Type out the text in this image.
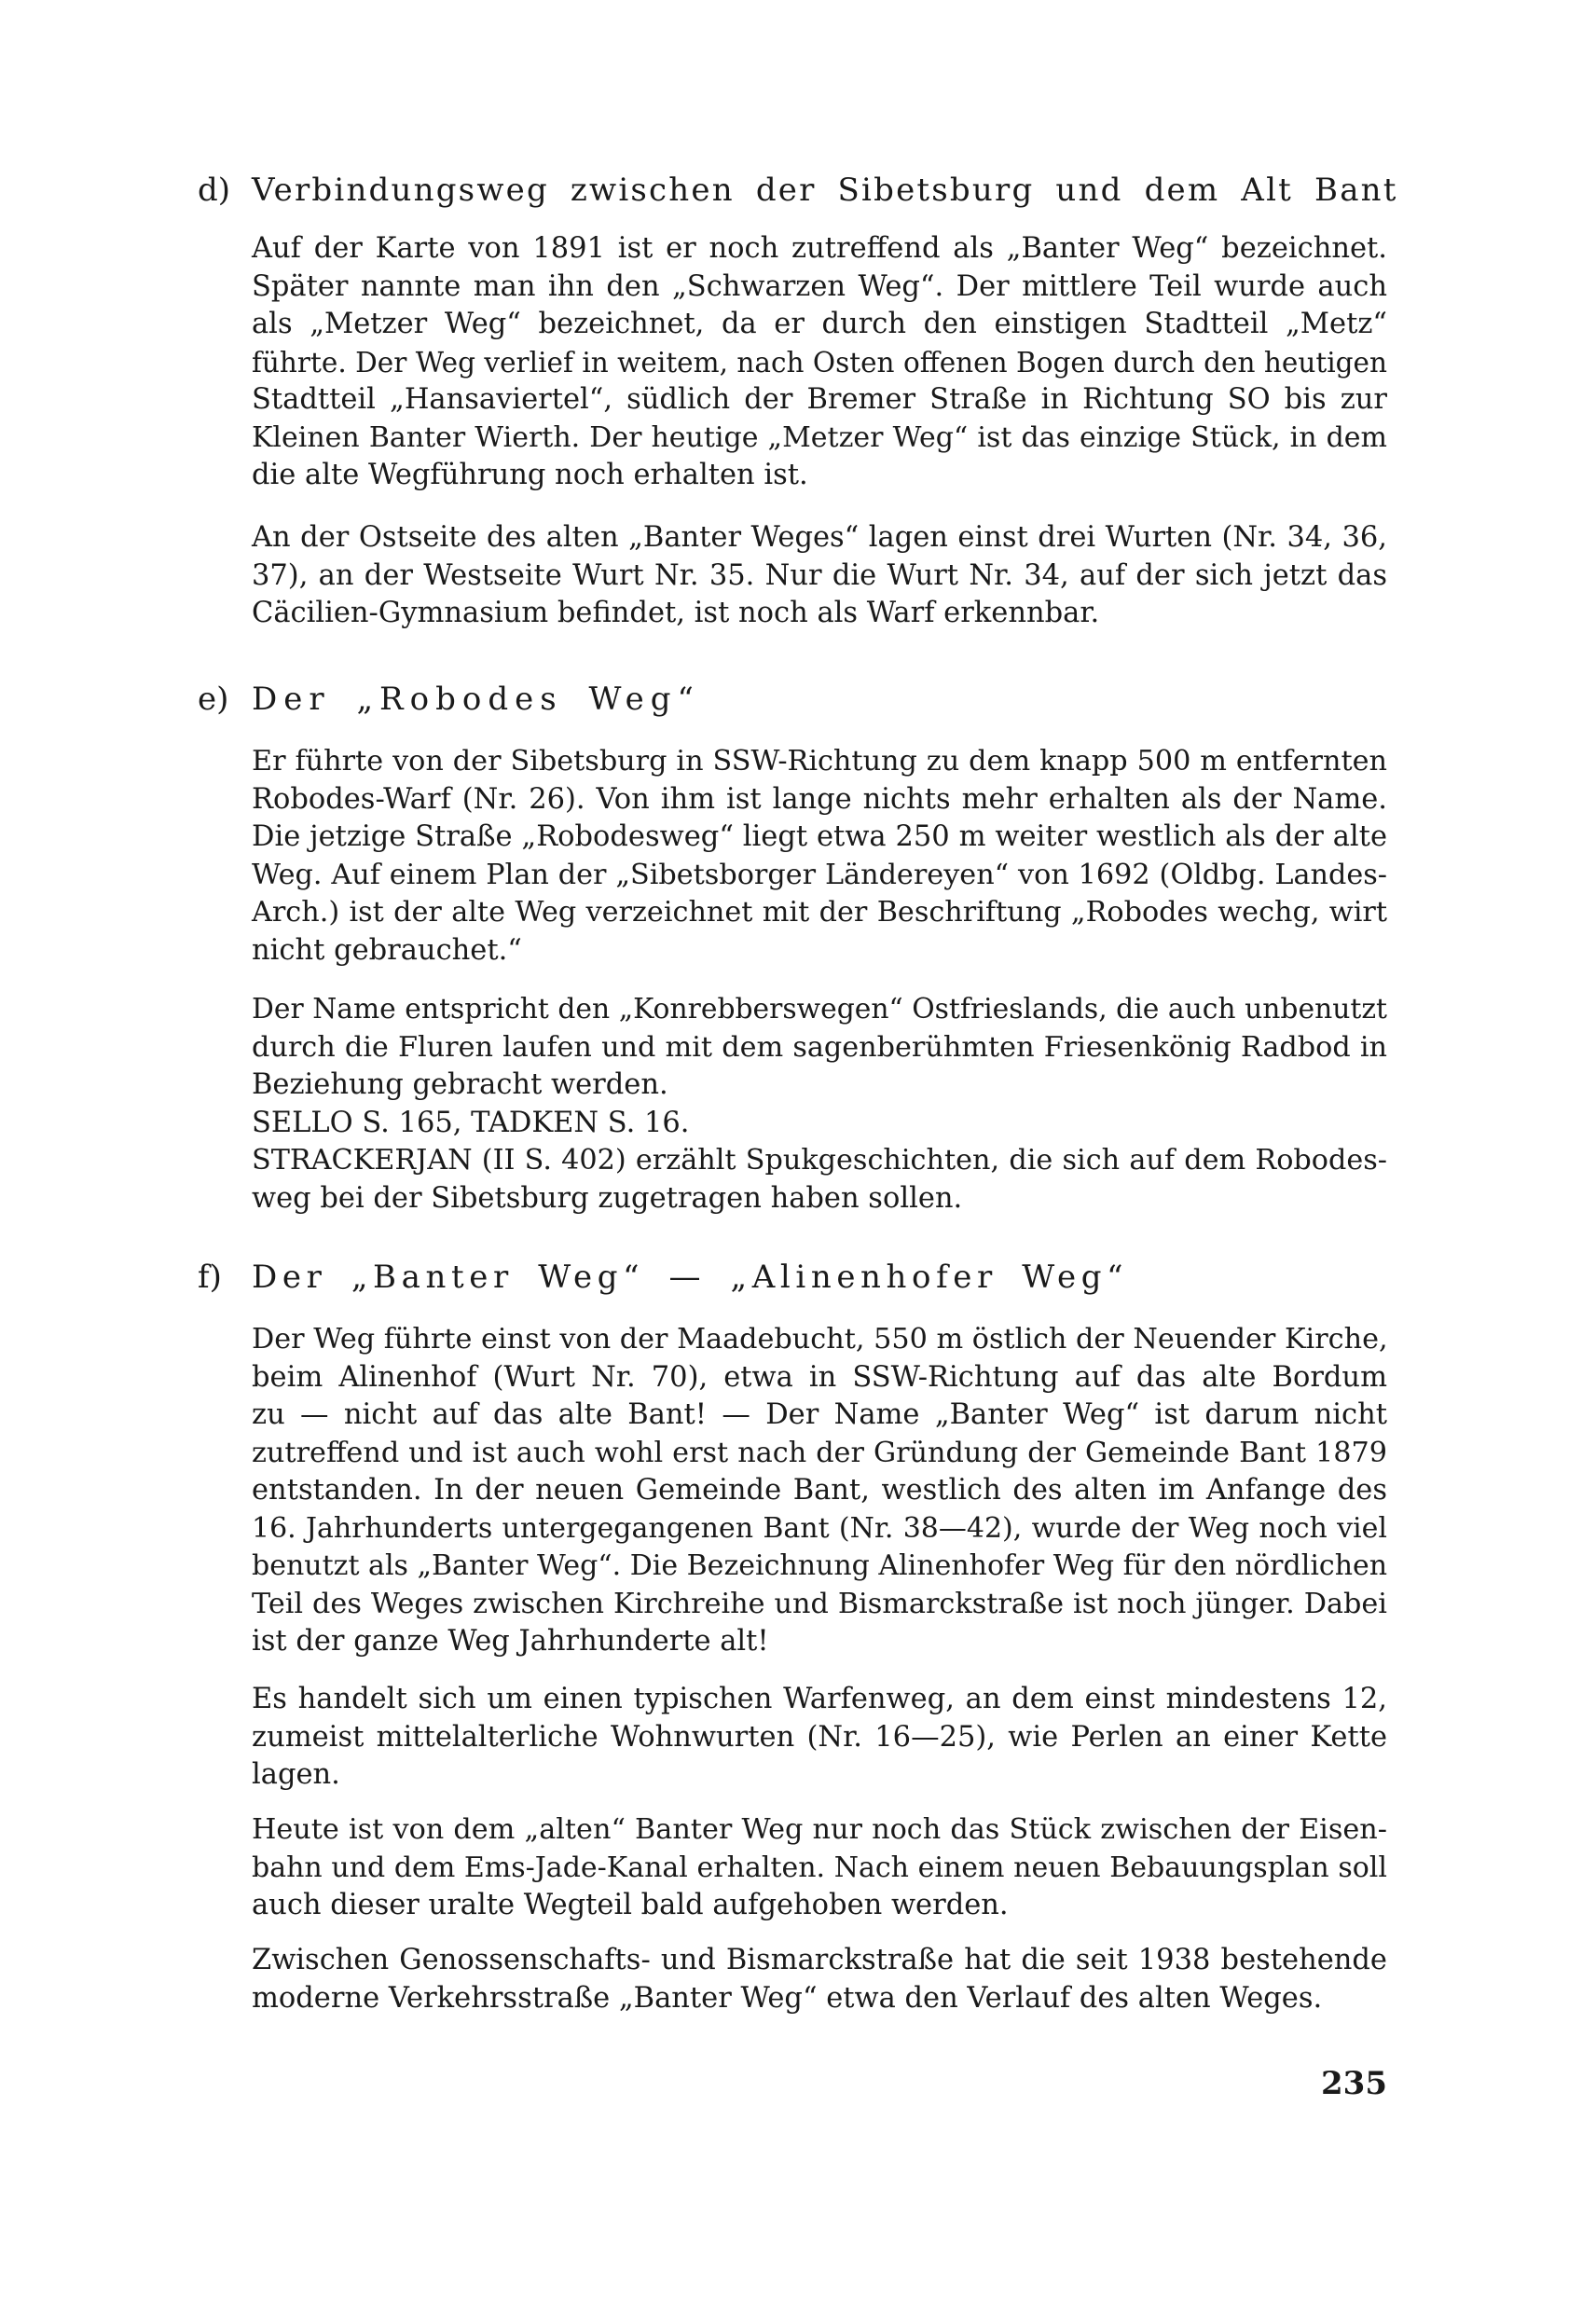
d) Verbindungsweg zwischen der Sibetsburg und dem Alt Bant
Auf der Karte von 1891 ist er noch zutreffend als „Banter Weg“ bezeichnet.
Später nannte man ihn den „Schwarzen Weg“. Der mittlere Teil wurde auch
als „Metzer Weg“ bezeichnet, da er durch den einstigen Stadtteil „Metz“
führte. Der Weg verlief in weitem, nach Osten offenen Bogen durch den heutigen
Stadtteil „Hansaviertel“, südlich der Bremer Straße in Richtung SO bis zur
Kleinen Banter Wierth. Der heutige „Metzer Weg“ ist das einzige Stück, in dem
die alte Wegführung noch erhalten ist.
An der Ostseite des alten „Banter Weges“ lagen einst drei Wurten (Nr. 34, 36,
37), an der Westseite Wurt Nr. 35. Nur die Wurt Nr. 34, auf der sich jetzt das
Cäcilien-Gymnasium befindet, ist noch als Warf erkennbar.
e) Der „Robodes Weg“
Er führte von der Sibetsburg in SSW-Richtung zu dem knapp 500 m entfernten
Robodes-Warf (Nr. 26). Von ihm ist lange nichts mehr erhalten als der Name.
Die jetzige Straße „Robodesweg“ liegt etwa 250 m weiter westlich als der alte
Weg. Auf einem Plan der „Sibetsborger Ländereyen“ von 1692 (Oldbg. Landes-
Arch.) ist der alte Weg verzeichnet mit der Beschriftung „Robodes wechg, wirt
nicht gebrauchet.“
Der Name entspricht den „Konrebberswegen“ Ostfrieslands, die auch unbenutzt
durch die Fluren laufen und mit dem sagenberühmten Friesenkönig Radbod in
Beziehung gebracht werden.
SELLO S. 165, TADKEN S. 16.
STRACKERJAN (II S. 402) erzählt Spukgeschichten, die sich auf dem Robodes-
weg bei der Sibetsburg zugetragen haben sollen.
f) Der „Banter Weg“ — „Alinenhofer Weg“
Der Weg führte einst von der Maadebucht, 550 m östlich der Neuender Kirche,
beim Alinenhof (Wurt Nr. 70), etwa in SSW-Richtung auf das alte Bordum
zu — nicht auf das alte Bant! — Der Name „Banter Weg“ ist darum nicht
zutreffend und ist auch wohl erst nach der Gründung der Gemeinde Bant 1879
entstanden. In der neuen Gemeinde Bant, westlich des alten im Anfange des
16. Jahrhunderts untergegangenen Bant (Nr. 38—42), wurde der Weg noch viel
benutzt als „Banter Weg“. Die Bezeichnung Alinenhofer Weg für den nördlichen
Teil des Weges zwischen Kirchreihe und Bismarckstraße ist noch jünger. Dabei
ist der ganze Weg Jahrhunderte alt!
Es handelt sich um einen typischen Warfenweg, an dem einst mindestens 12,
zumeist mittelalterliche Wohnwurten (Nr. 16—25), wie Perlen an einer Kette
lagen.
Heute ist von dem „alten“ Banter Weg nur noch das Stück zwischen der Eisen-
bahn und dem Ems-Jade-Kanal erhalten. Nach einem neuen Bebauungsplan soll
auch dieser uralte Wegteil bald aufgehoben werden.
Zwischen Genossenschafts- und Bismarckstraße hat die seit 1938 bestehende
moderne Verkehrsstraße „Banter Weg“ etwa den Verlauf des alten Weges.
235
